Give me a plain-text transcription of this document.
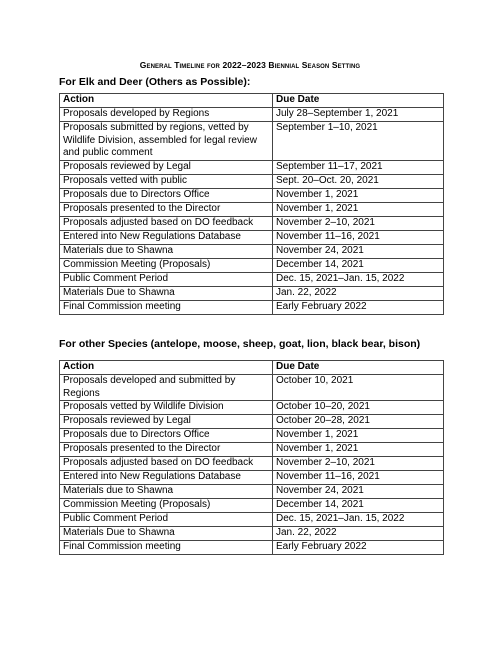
General Timeline for 2022–2023 Biennial Season Setting
For Elk and Deer (Others as Possible):
Action	Due Date
Proposals developed by Regions	July 28–September 1, 2021
Proposals submitted by regions, vetted by Wildlife Division, assembled for legal review and public comment	September 1–10, 2021
Proposals reviewed by Legal	September 11–17, 2021
Proposals vetted with public	Sept. 20–Oct. 20, 2021
Proposals due to Directors Office	November 1, 2021
Proposals presented to the Director	November 1, 2021
Proposals adjusted based on DO feedback	November 2–10, 2021
Entered into New Regulations Database	November 11–16, 2021
Materials due to Shawna	November 24, 2021
Commission Meeting (Proposals)	December 14, 2021
Public Comment Period	Dec. 15, 2021–Jan. 15, 2022
Materials Due to Shawna	Jan. 22, 2022
Final Commission meeting	Early February 2022
For other Species (antelope, moose, sheep, goat, lion, black bear, bison)
Action	Due Date
Proposals developed and submitted by Regions	October 10, 2021
Proposals vetted by Wildlife Division	October 10–20, 2021
Proposals reviewed by Legal	October 20–28, 2021
Proposals due to Directors Office	November 1, 2021
Proposals presented to the Director	November 1, 2021
Proposals adjusted based on DO feedback	November 2–10, 2021
Entered into New Regulations Database	November 11–16, 2021
Materials due to Shawna	November 24, 2021
Commission Meeting (Proposals)	December 14, 2021
Public Comment Period	Dec. 15, 2021–Jan. 15, 2022
Materials Due to Shawna	Jan. 22, 2022
Final Commission meeting	Early February 2022
